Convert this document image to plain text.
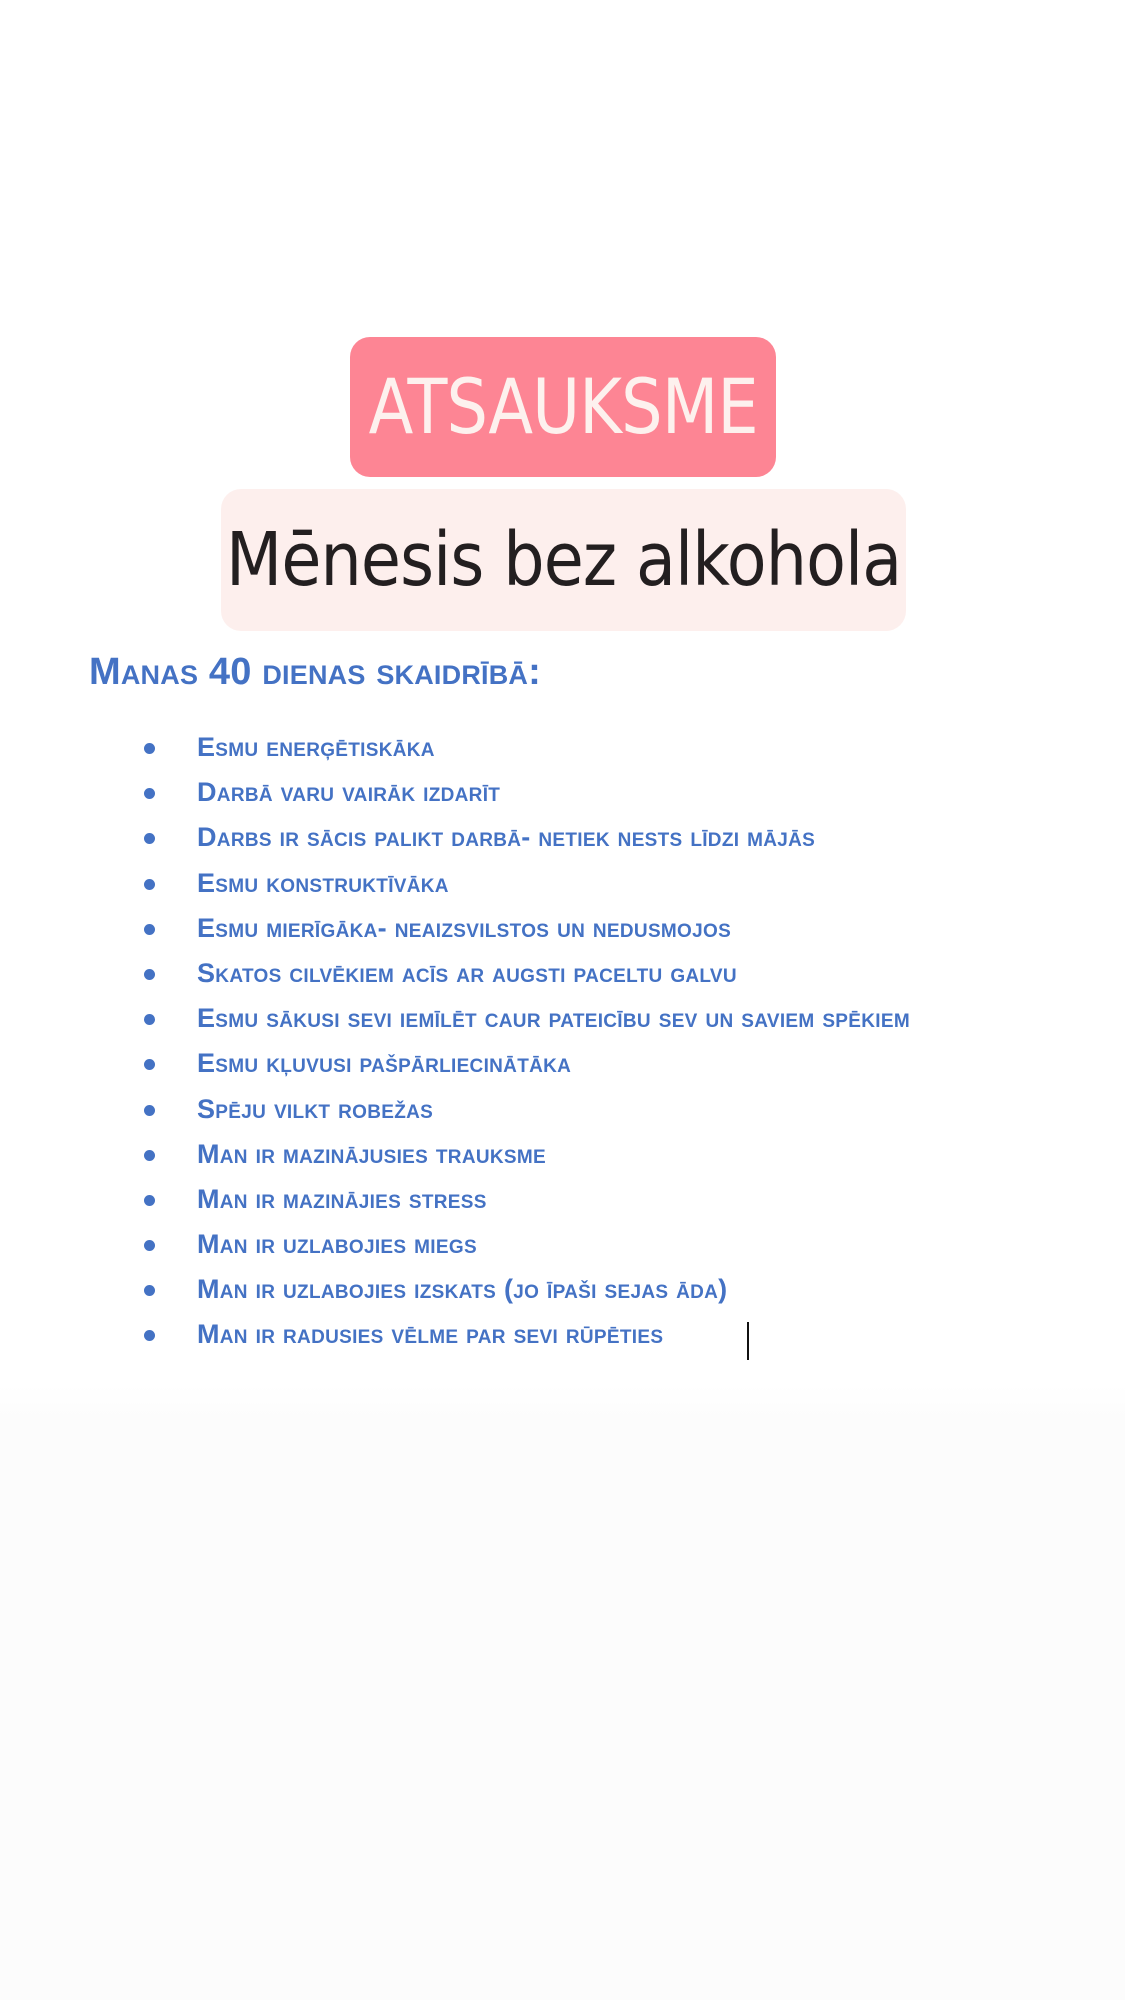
ATSAUKSME
Mēnesis bez alkohola
Manas 40 dienas skaidrībā:
Esmu enerģētiskāka
Darbā varu vairāk izdarīt
Darbs ir sācis palikt darbā- netiek nests līdzi mājās
Esmu konstruktīvāka
Esmu mierīgāka- neaizsvilstos un nedusmojos
Skatos cilvēkiem acīs ar augsti paceltu galvu
Esmu sākusi sevi iemīlēt caur pateicību sev un saviem spēkiem
Esmu kļuvusi pašpārliecinātāka
Spēju vilkt robežas
Man ir mazinājusies trauksme
Man ir mazinājies stress
Man ir uzlabojies miegs
Man ir uzlabojies izskats (jo īpaši sejas āda)
Man ir radusies vēlme par sevi rūpēties
